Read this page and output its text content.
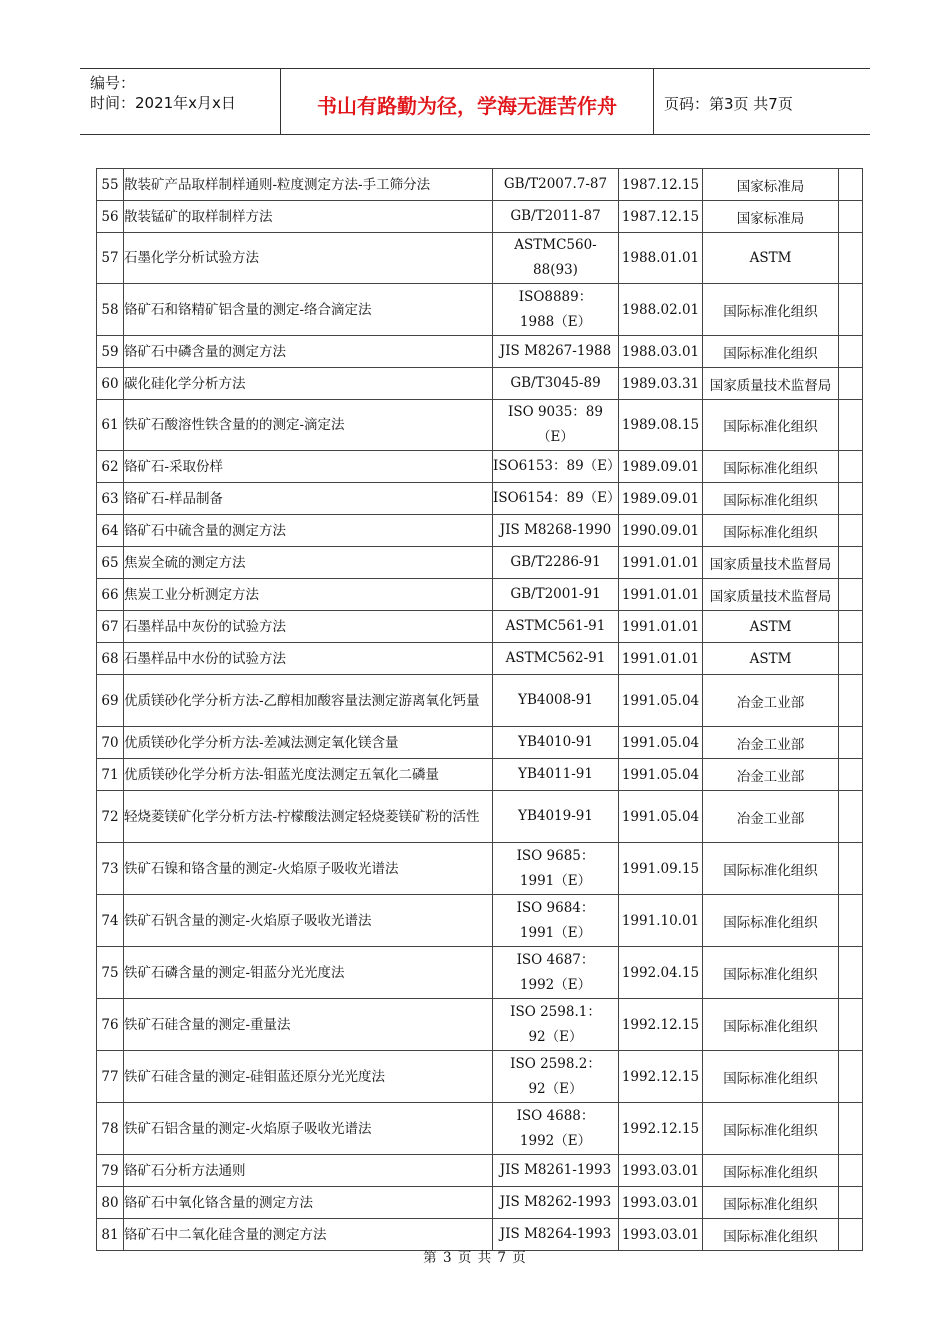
编号：
时间：2021年x月x日	书山有路勤为径，学海无涯苦作舟	页码：第3页 共7页
55	散装矿产品取样制样通则-粒度测定方法-手工筛分法	GB/T2007.7-87	1987.12.15	国家标准局	
56	散装锰矿的取样制样方法	GB/T2011-87	1987.12.15	国家标准局	
57	石墨化学分析试验方法	ASTMC560-88(93)	1988.01.01	ASTM	
58	铬矿石和铬精矿铝含量的测定-络合滴定法	ISO8889：
1988（E）	1988.02.01	国际标准化组织	
59	铬矿石中磷含量的测定方法	JIS M8267-1988	1988.03.01	国际标准化组织	
60	碳化硅化学分析方法	GB/T3045-89	1989.03.31	国家质量技术监督局	
61	铁矿石酸溶性铁含量的的测定-滴定法	ISO 9035：89（E）	1989.08.15	国际标准化组织	
62	铬矿石-采取份样	ISO6153：89（E）	1989.09.01	国际标准化组织	
63	铬矿石-样品制备	ISO6154：89（E）	1989.09.01	国际标准化组织	
64	铬矿石中硫含量的测定方法	JIS M8268-1990	1990.09.01	国际标准化组织	
65	焦炭全硫的测定方法	GB/T2286-91	1991.01.01	国家质量技术监督局	
66	焦炭工业分析测定方法	GB/T2001-91	1991.01.01	国家质量技术监督局	
67	石墨样品中灰份的试验方法	ASTMC561-91	1991.01.01	ASTM	
68	石墨样品中水份的试验方法	ASTMC562-91	1991.01.01	ASTM	
69	优质镁砂化学分析方法-乙醇相加酸容量法测定游离氧化钙量	YB4008-91	1991.05.04	冶金工业部	
70	优质镁砂化学分析方法-差减法测定氧化镁含量	YB4010-91	1991.05.04	冶金工业部	
71	优质镁砂化学分析方法-钼蓝光度法测定五氧化二磷量	YB4011-91	1991.05.04	冶金工业部	
72	轻烧菱镁矿化学分析方法-柠檬酸法测定轻烧菱镁矿粉的活性	YB4019-91	1991.05.04	冶金工业部	
73	铁矿石镍和铬含量的测定-火焰原子吸收光谱法	ISO 9685：
1991（E）	1991.09.15	国际标准化组织	
74	铁矿石钒含量的测定-火焰原子吸收光谱法	ISO 9684：
1991（E）	1991.10.01	国际标准化组织	
75	铁矿石磷含量的测定-钼蓝分光光度法	ISO 4687：
1992（E）	1992.04.15	国际标准化组织	
76	铁矿石硅含量的测定-重量法	ISO 2598.1：
92（E）	1992.12.15	国际标准化组织	
77	铁矿石硅含量的测定-硅钼蓝还原分光光度法	ISO 2598.2：
92（E）	1992.12.15	国际标准化组织	
78	铁矿石铝含量的测定-火焰原子吸收光谱法	ISO 4688：
1992（E）	1992.12.15	国际标准化组织	
79	铬矿石分析方法通则	JIS M8261-1993	1993.03.01	国际标准化组织	
80	铬矿石中氧化铬含量的测定方法	JIS M8262-1993	1993.03.01	国际标准化组织	
81	铬矿石中二氧化硅含量的测定方法	JIS M8264-1993	1993.03.01	国际标准化组织	
第 3 页 共 7 页
